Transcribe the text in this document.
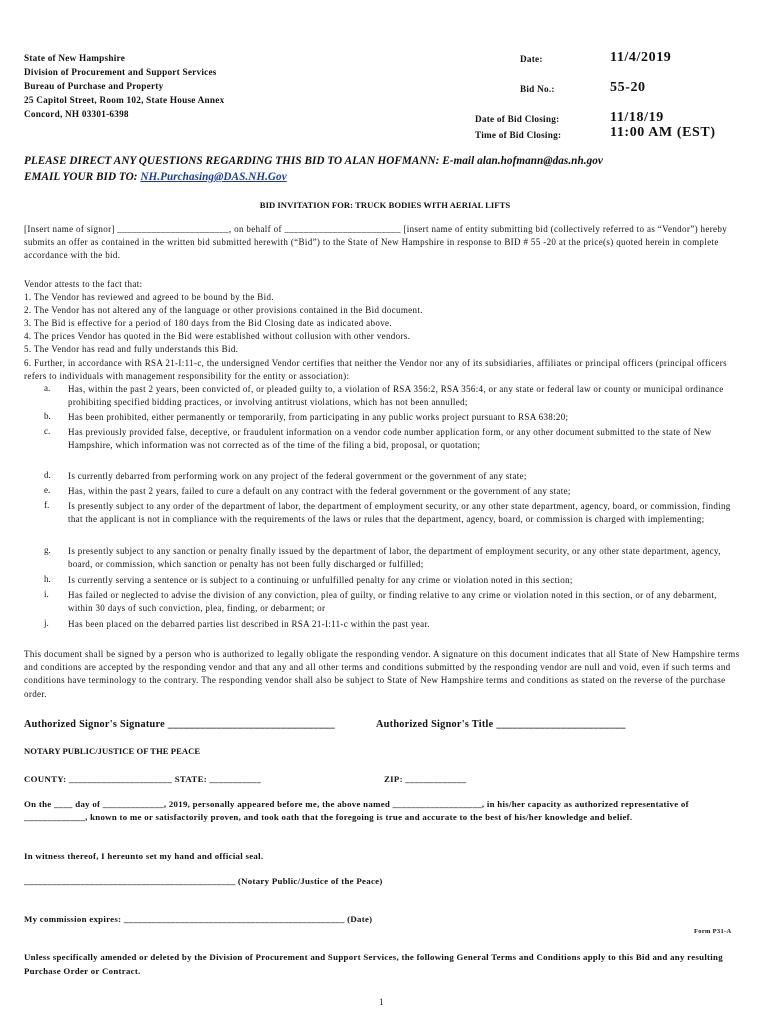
State of New Hampshire
Division of Procurement and Support Services
Bureau of Purchase and Property
25 Capitol Street, Room 102, State House Annex
Concord, NH 03301-6398
Date:	11/4/2019
Bid No.:	55-20
Date of Bid Closing:	11/18/19
Time of Bid Closing:	11:00 AM (EST)
PLEASE DIRECT ANY QUESTIONS REGARDING THIS BID TO ALAN HOFMANN: E-mail alan.hofmann@das.nh.gov
EMAIL YOUR BID TO: NH.Purchasing@DAS.NH.Gov
BID INVITATION FOR: TRUCK BODIES WITH AERIAL LIFTS
[Insert name of signor] _______________________, on behalf of ________________________ [insert name of entity submitting bid (collectively referred to as “Vendor”) hereby submits an offer as contained in the written bid submitted herewith (“Bid”) to the State of New Hampshire in response to BID # 55 -20 at the price(s) quoted herein in complete accordance with the bid.
Vendor attests to the fact that:
1. The Vendor has reviewed and agreed to be bound by the Bid.
2. The Vendor has not altered any of the language or other provisions contained in the Bid document.
3. The Bid is effective for a period of 180 days from the Bid Closing date as indicated above.
4. The prices Vendor has quoted in the Bid were established without collusion with other vendors.
5. The Vendor has read and fully understands this Bid.
6. Further, in accordance with RSA 21-I:11-c, the undersigned Vendor certifies that neither the Vendor nor any of its subsidiaries, affiliates or principal officers (principal officers refers to individuals with management responsibility for the entity or association):
a. Has, within the past 2 years, been convicted of, or pleaded guilty to, a violation of RSA 356:2, RSA 356:4, or any state or federal law or county or municipal ordinance prohibiting specified bidding practices, or involving antitrust violations, which has not been annulled;
b. Has been prohibited, either permanently or temporarily, from participating in any public works project pursuant to RSA 638:20;
c. Has previously provided false, deceptive, or fraudulent information on a vendor code number application form, or any other document submitted to the state of New Hampshire, which information was not corrected as of the time of the filing a bid, proposal, or quotation;
d. Is currently debarred from performing work on any project of the federal government or the government of any state;
e. Has, within the past 2 years, failed to cure a default on any contract with the federal government or the government of any state;
f. Is presently subject to any order of the department of labor, the department of employment security, or any other state department, agency, board, or commission, finding that the applicant is not in compliance with the requirements of the laws or rules that the department, agency, board, or commission is charged with implementing;
g. Is presently subject to any sanction or penalty finally issued by the department of labor, the department of employment security, or any other state department, agency, board, or commission, which sanction or penalty has not been fully discharged or fulfilled;
h. Is currently serving a sentence or is subject to a continuing or unfulfilled penalty for any crime or violation noted in this section;
i. Has failed or neglected to advise the division of any conviction, plea of guilty, or finding relative to any crime or violation noted in this section, or of any debarment, within 30 days of such conviction, plea, finding, or debarment; or
j. Has been placed on the debarred parties list described in RSA 21-I:11-c within the past year.
This document shall be signed by a person who is authorized to legally obligate the responding vendor. A signature on this document indicates that all State of New Hampshire terms and conditions are accepted by the responding vendor and that any and all other terms and conditions submitted by the responding vendor are null and void, even if such terms and conditions have terminology to the contrary. The responding vendor shall also be subject to State of New Hampshire terms and conditions as stated on the reverse of the purchase order.
Authorized Signor's Signature _______________________________	Authorized Signor's Title ________________________
NOTARY PUBLIC/JUSTICE OF THE PEACE
COUNTY: ______________________ STATE: ___________	ZIP: _____________
On the ____ day of _____________, 2019, personally appeared before me, the above named ___________________, in his/her capacity as authorized representative of _____________, known to me or satisfactorily proven, and took oath that the foregoing is true and accurate to the best of his/her knowledge and belief.
In witness thereof, I hereunto set my hand and official seal.
_____________________________________________ (Notary Public/Justice of the Peace)
My commission expires: _______________________________________________ (Date)
Form P31-A
Unless specifically amended or deleted by the Division of Procurement and Support Services, the following General Terms and Conditions apply to this Bid and any resulting Purchase Order or Contract.
1
